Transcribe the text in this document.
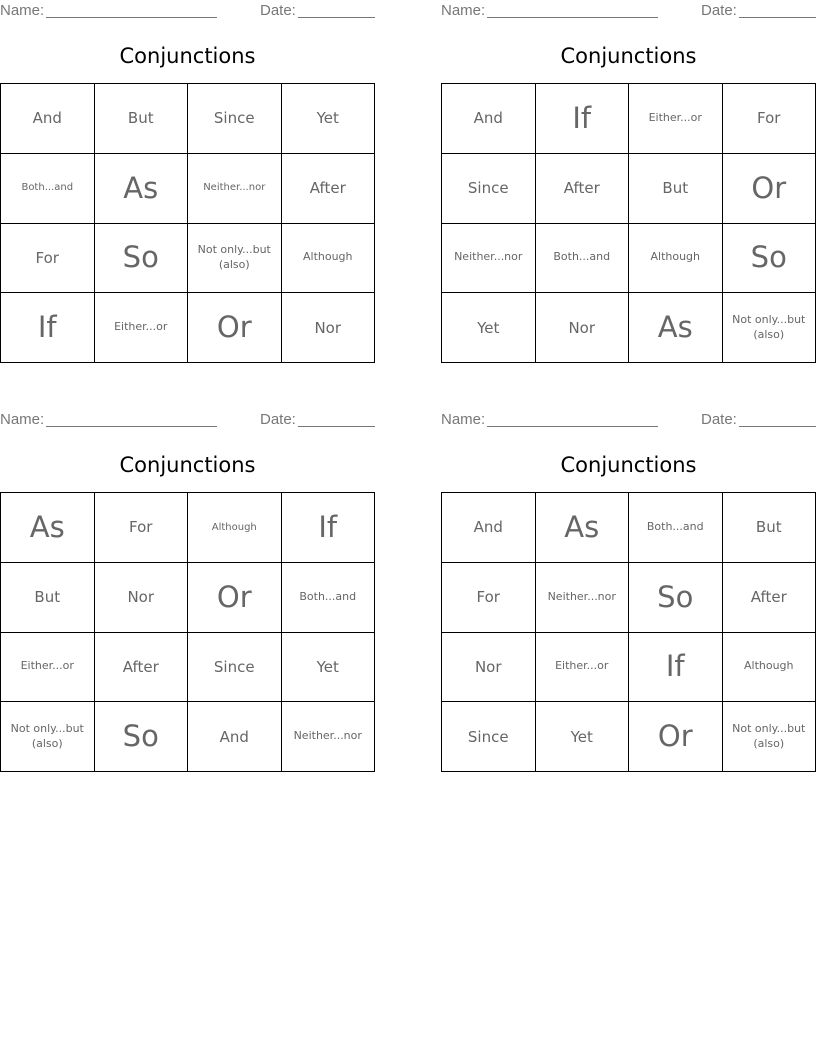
Name:	Date:
Conjunctions
And	But	Since	Yet
Both...and	As	Neither...nor	After
For	So	Not only...but (also)	Although
If	Either...or	Or	Nor
Name:	Date:
Conjunctions
And	If	Either...or	For
Since	After	But	Or
Neither...nor	Both...and	Although	So
Yet	Nor	As	Not only...but (also)
Name:	Date:
Conjunctions
As	For	Although	If
But	Nor	Or	Both...and
Either...or	After	Since	Yet
Not only...but (also)	So	And	Neither...nor
Name:	Date:
Conjunctions
And	As	Both...and	But
For	Neither...nor	So	After
Nor	Either...or	If	Although
Since	Yet	Or	Not only...but (also)
